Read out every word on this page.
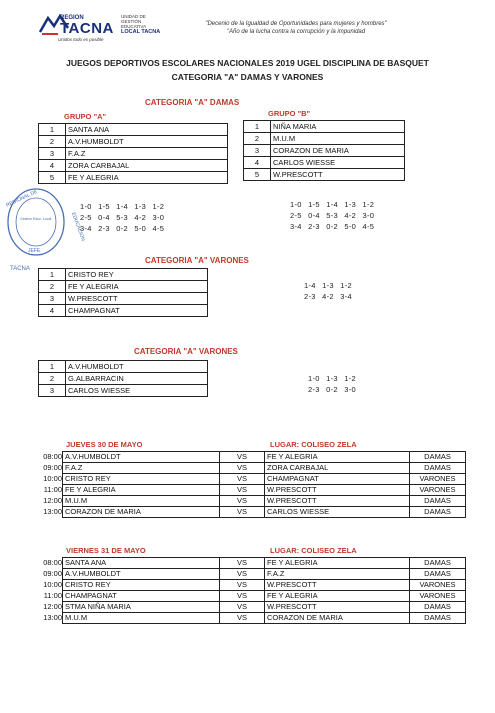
REGION
TACNA
Unidos todo es posible
UNIDAD DE
GESTIÓN
EDUCATIVA
LOCAL TACNA
"Decenio de la Igualdad de Oportunidades para mujeres y hombres"
"Año de la lucha contra la corrupción y la impunidad
JUEGOS DEPORTIVOS ESCOLARES NACIONALES 2019 UGEL DISCIPLINA DE BASQUET
CATEGORIA "A" DAMAS Y VARONES
CATEGORIA "A" DAMAS
GRUPO "A"	GRUPO "B"
1	SANTA ANA
2	A.V.HUMBOLDT
3	F.A.Z
4	ZORA CARBAJAL
5	FE Y ALEGRIA
1	NIÑA MARIA
2	M.U.M
3	CORAZON DE MARIA
4	CARLOS WIESSE
5	W.PRESCOTT
1-0 1-5 1-4 1-3 1-2
2-5 0-4 5-3 4-2 3-0
3-4 2-3 0-2 5-0 4-5
1-0 1-5 1-4 1-3 1-2
2-5 0-4 5-3 4-2 3-0
3-4 2-3 0-2 5-0 4-5
REGIONAL DE
EDUCACION
Gestión Educ. Local
JEFE
TACNA
CATEGORIA "A" VARONES
1	CRISTO REY
2	FE Y ALEGRIA
3	W.PRESCOTT
4	CHAMPAGNAT
1-4 1-3 1-2
2-3 4-2 3-4
CATEGORIA "A" VARONES
1	A.V.HUMBOLDT
2	G.ALBARRACIN
3	CARLOS WIESSE
1-0 1-3 1-2
2-3 0-2 3-0
JUEVES 30 DE MAYO	LUGAR: COLISEO ZELA
08:00	A.V.HUMBOLDT	VS	FE Y ALEGRIA	DAMAS
09:00	F.A.Z	VS	ZORA CARBAJAL	DAMAS
10:00	CRISTO REY	VS	CHAMPAGNAT	VARONES
11:00	FE Y ALEGRIA	VS	W.PRESCOTT	VARONES
12:00	M.U.M	VS	W.PRESCOTT	DAMAS
13:00	CORAZON DE MARIA	VS	CARLOS WIESSE	DAMAS
VIERNES 31 DE MAYO	LUGAR: COLISEO ZELA
08:00	SANTA ANA	VS	FE Y ALEGRIA	DAMAS
09:00	A.V.HUMBOLDT	VS	F.A.Z	DAMAS
10:00	CRISTO REY	VS	W.PRESCOTT	VARONES
11:00	CHAMPAGNAT	VS	FE Y ALEGRIA	VARONES
12:00	STMA NIÑA MARIA	VS	W.PRESCOTT	DAMAS
13:00	M.U.M	VS	CORAZON DE MARIA	DAMAS
